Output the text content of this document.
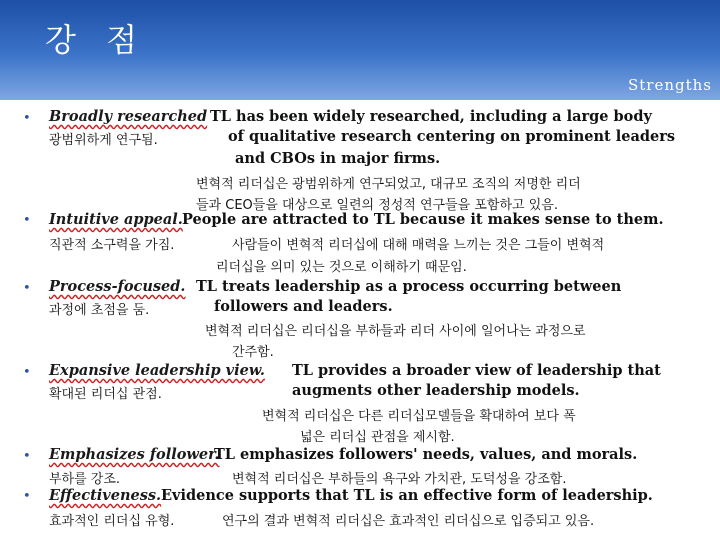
강 점
Strengths
• Broadly researched TL has been widely researched, including a large body
광범위하게 연구됨.	of qualitative research centering on prominent leaders
and CBOs in major firms.
변혁적 리더십은 광범위하게 연구되었고, 대규모 조직의 저명한 리더
들과 CEO들을 대상으로 일련의 정성적 연구들을 포함하고 있음.
• Intuitive appeal. People are attracted to TL because it makes sense to them.
직관적 소구력을 가짐.	사람들이 변혁적 리더십에 대해 매력을 느끼는 것은 그들이 변혁적
리더십을 의미 있는 것으로 이해하기 때문임.
• Process-focused. TL treats leadership as a process occurring between
과정에 초점을 둠.	followers and leaders.
변혁적 리더십은 리더십을 부하들과 리더 사이에 일어나는 과정으로
간주함.
• Expansive leadership view. TL provides a broader view of leadership that
확대된 리더십 관점.	augments other leadership models.
변혁적 리더십은 다른 리더십모델들을 확대하여 보다 폭
넓은 리더십 관점을 제시함.
• Emphasizes follower.
TL emphasizes followers' needs, values, and morals.
부하를 강조.	변혁적 리더십은 부하들의 욕구와 가치관, 도덕성을 강조함.
• Effectiveness. Evidence supports that TL is an effective form of leadership.
효과적인 리더십 유형.	연구의 결과 변혁적 리더십은 효과적인 리더십으로 입증되고 있음.
